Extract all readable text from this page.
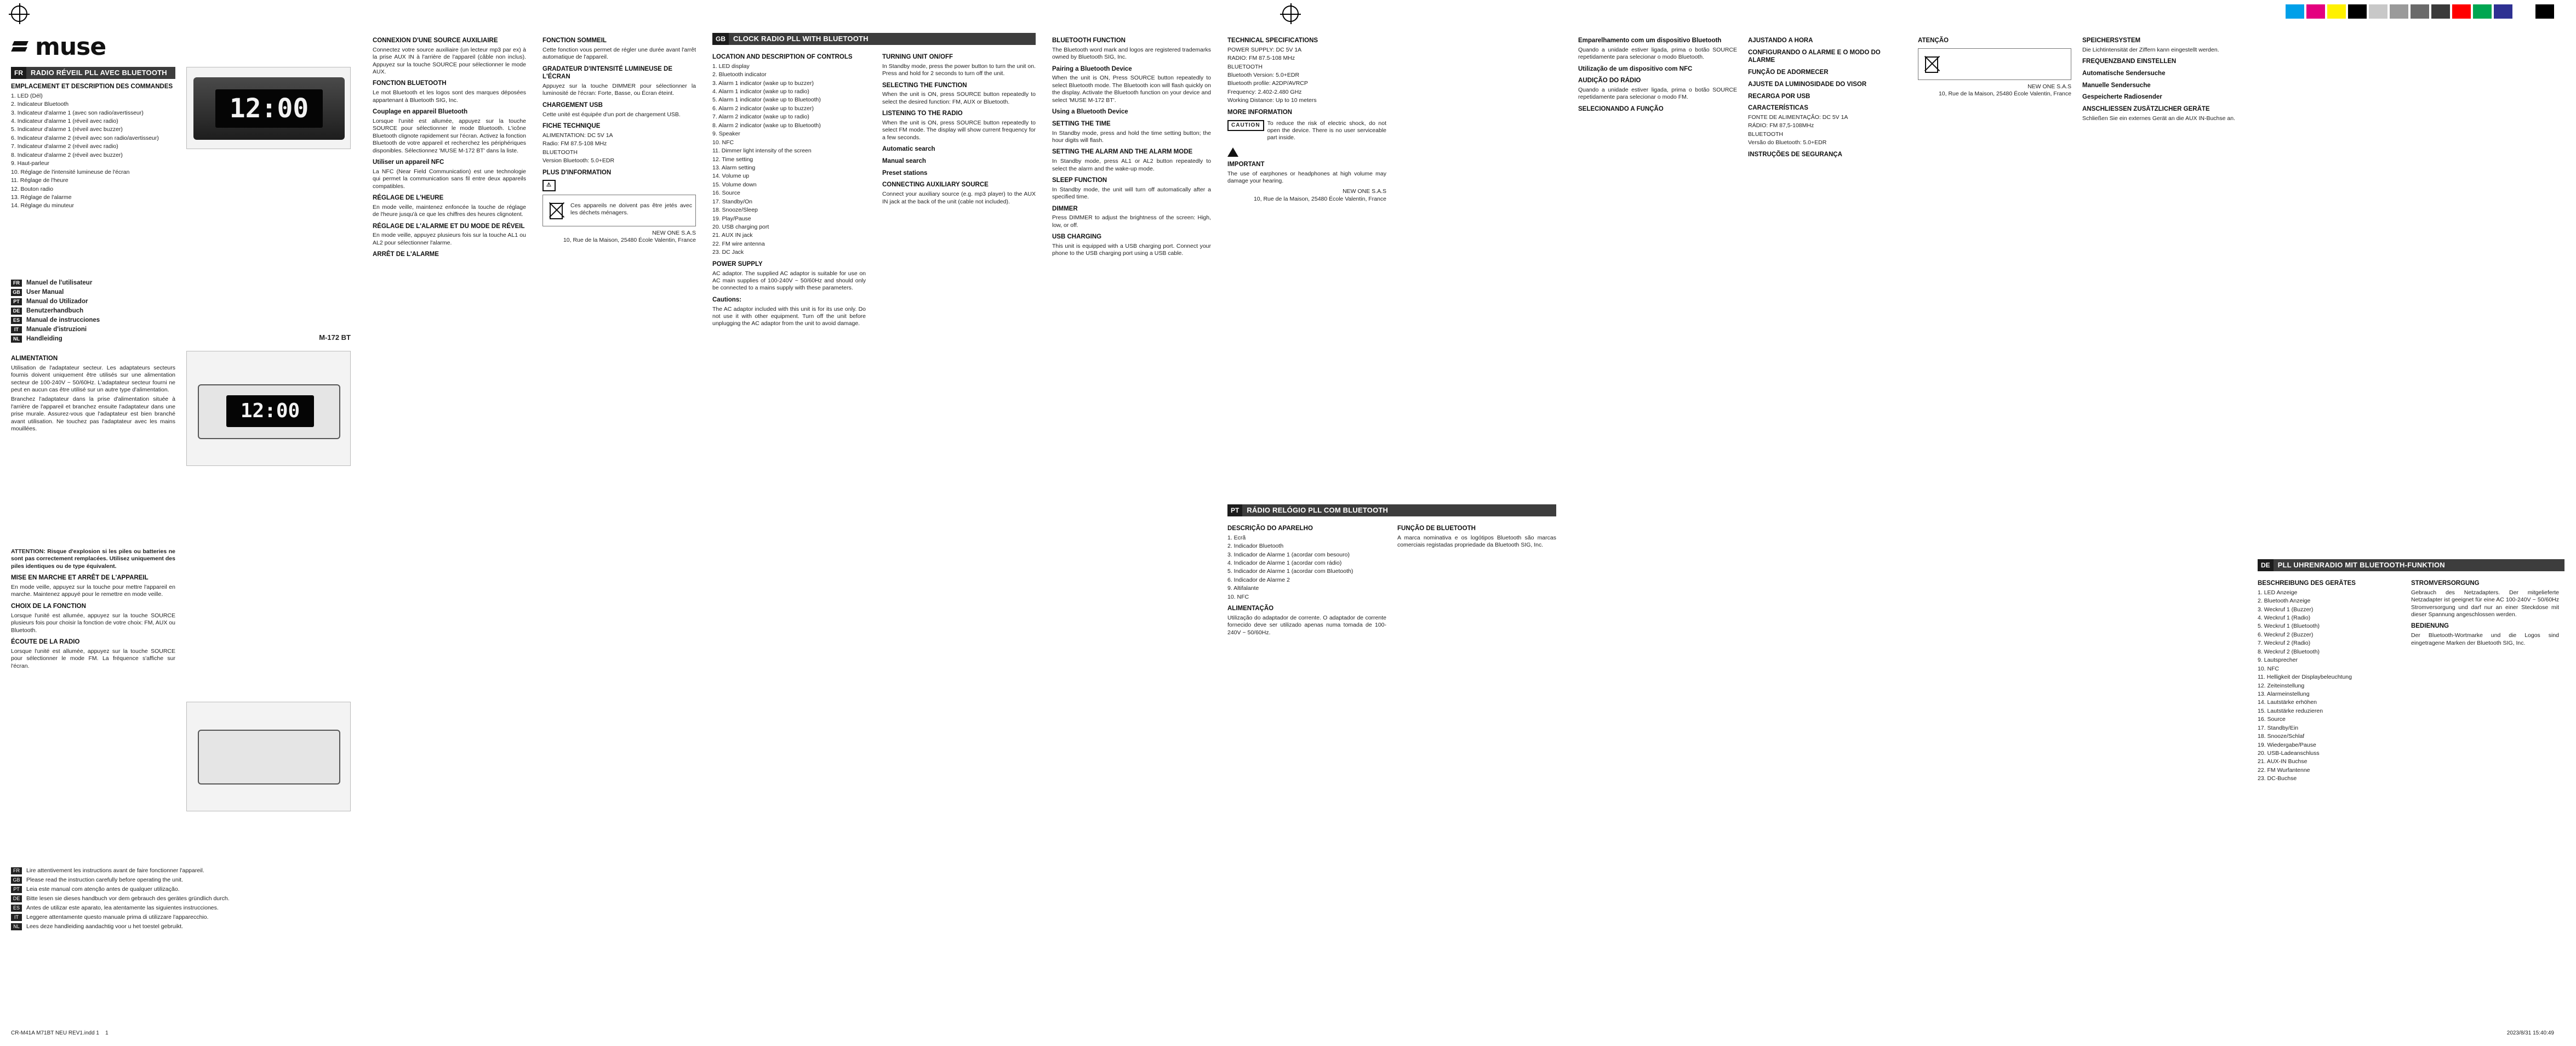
muse
FR	RADIO RÉVEIL PLL AVEC BLUETOOTH
EMPLACEMENT ET DESCRIPTION DES COMMANDES
1. LED (Dél)
2. Indicateur Bluetooth
3. Indicateur d'alarme 1 (avec son radio/avertisseur)
4. Indicateur d'alarme 1 (réveil avec radio)
5. Indicateur d'alarme 1 (réveil avec buzzer)
6. Indicateur d'alarme 2 (réveil avec son radio/avertisseur)
7. Indicateur d'alarme 2 (réveil avec radio)
8. Indicateur d'alarme 2 (réveil avec buzzer)
9. Haut-parleur
10. Réglage de l'intensité lumineuse de l'écran
11. Réglage de l'heure
12. Bouton radio
13. Réglage de l'alarme
14. Réglage du minuteur
12:00
FR	Manuel de l'utilisateur
GB User Manual
PT	Manual do Utilizador
DE	Benutzerhandbuch
ES	Manual de instrucciones
IT	Manuale d'istruzioni
NL	Handleiding	M-172 BT
ALIMENTATION

Utilisation de l'adaptateur secteur. Les adaptateurs secteurs fournis doivent uniquement être utilisés sur une alimentation secteur de 100-240V ~ 50/60Hz. L'adaptateur secteur fourni ne peut en aucun cas être utilisé sur un autre type d'alimentation.

Branchez l'adaptateur dans la prise d'alimentation située à l'arrière de l'appareil et branchez ensuite l'adaptateur dans une prise murale. Assurez-vous que l'adaptateur est bien branché avant utilisation. Ne touchez pas l'adaptateur avec les mains mouillées.

12:00

ATTENTION: Risque d'explosion si les piles ou batteries ne sont pas correctement remplacées. Utilisez uniquement des piles identiques ou de type équivalent.

MISE EN MARCHE ET ARRÊT DE L'APPAREIL

En mode veille, appuyez sur la touche pour mettre l'appareil en marche. Maintenez appuyé pour le remettre en mode veille.

CHOIX DE LA FONCTION

Lorsque l'unité est allumée, appuyez sur la touche SOURCE plusieurs fois pour choisir la fonction de votre choix: FM, AUX ou Bluetooth.

ÉCOUTE DE LA RADIO

Lorsque l'unité est allumée, appuyez sur la touche SOURCE pour sélectionner le mode FM. La fréquence s'affiche sur l'écran.

FR	Lire attentivement les instructions avant de faire fonctionner l'appareil.
GB	Please read the instruction carefully before operating the unit.
PT	Leia este manual com atenção antes de qualquer utilização.
DE	Bitte lesen sie dieses handbuch vor dem gebrauch des gerätes gründlich durch.
ES	Antes de utilizar este aparato, lea atentamente las siguientes instrucciones.
IT	Leggere attentamente questo manuale prima di utilizzare l'apparecchio.
NL	Lees deze handleiding aandachtig voor u het toestel gebruikt.
CONNEXION D'UNE SOURCE AUXILIAIRE

Connectez votre source auxiliaire (un lecteur mp3 par ex) à la prise AUX IN à l'arrière de l'appareil (câble non inclus). Appuyez sur la touche SOURCE pour sélectionner le mode AUX.

FONCTION BLUETOOTH

Le mot Bluetooth et les logos sont des marques déposées appartenant à Bluetooth SIG, Inc.

Couplage en appareil Bluetooth

Lorsque l'unité est allumée, appuyez sur la touche SOURCE pour sélectionner le mode Bluetooth. L'icône Bluetooth clignote rapidement sur l'écran. Activez la fonction Bluetooth de votre appareil et recherchez les périphériques disponibles. Sélectionnez 'MUSE M-172 BT' dans la liste.

Utiliser un appareil NFC

La NFC (Near Field Communication) est une technologie qui permet la communication sans fil entre deux appareils compatibles.

RÉGLAGE DE L'HEURE

En mode veille, maintenez enfoncée la touche de réglage de l'heure jusqu'à ce que les chiffres des heures clignotent.

RÉGLAGE DE L'ALARME ET DU MODE DE RÉVEIL

En mode veille, appuyez plusieurs fois sur la touche AL1 ou AL2 pour sélectionner l'alarme.

ARRÊT DE L'ALARME
FONCTION SOMMEIL

Cette fonction vous permet de régler une durée avant l'arrêt automatique de l'appareil.

GRADATEUR D'INTENSITÉ LUMINEUSE DE L'ÉCRAN

Appuyez sur la touche DIMMER pour sélectionner la luminosité de l'écran: Forte, Basse, ou Écran éteint.

CHARGEMENT USB

Cette unité est équipée d'un port de chargement USB.

FICHE TECHNIQUE
ALIMENTATION: DC 5V 1A
Radio: FM 87.5-108 MHz
BLUETOOTH
Version Bluetooth: 5.0+EDR
PLUS D'INFORMATION
⚠

Ces appareils ne doivent pas être jetés avec les déchets ménagers.

NEW ONE S.A.S
10, Rue de la Maison, 25480 École Valentin, France
GB	CLOCK RADIO PLL WITH BLUETOOTH
LOCATION AND DESCRIPTION OF CONTROLS
1. LED display
2. Bluetooth indicator
3. Alarm 1 indicator (wake up to buzzer)
4. Alarm 1 indicator (wake up to radio)
5. Alarm 1 indicator (wake up to Bluetooth)
6. Alarm 2 indicator (wake up to buzzer)
7. Alarm 2 indicator (wake up to radio)
8. Alarm 2 indicator (wake up to Bluetooth)
9. Speaker
10. NFC
11. Dimmer light intensity of the screen
12. Time setting
13. Alarm setting
14. Volume up
15. Volume down
16. Source
17. Standby/On
18. Snooze/Sleep
19. Play/Pause
20. USB charging port
21. AUX IN jack
22. FM wire antenna
23. DC Jack
POWER SUPPLY

AC adaptor. The supplied AC adaptor is suitable for use on AC main supplies of 100-240V ~ 50/60Hz and should only be connected to a mains supply with these parameters.

Cautions:

The AC adaptor included with this unit is for its use only. Do not use it with other equipment. Turn off the unit before unplugging the AC adaptor from the unit to avoid damage.

TURNING UNIT ON/OFF

In Standby mode, press the power button to turn the unit on. Press and hold for 2 seconds to turn off the unit.

SELECTING THE FUNCTION

When the unit is ON, press SOURCE button repeatedly to select the desired function: FM, AUX or Bluetooth.

LISTENING TO THE RADIO

When the unit is ON, press SOURCE button repeatedly to select FM mode. The display will show current frequency for a few seconds.

Automatic search
Manual search
Preset stations
CONNECTING AUXILIARY SOURCE

Connect your auxiliary source (e.g. mp3 player) to the AUX IN jack at the back of the unit (cable not included).

BLUETOOTH FUNCTION

The Bluetooth word mark and logos are registered trademarks owned by Bluetooth SIG, Inc.

Pairing a Bluetooth Device

When the unit is ON, Press SOURCE button repeatedly to select Bluetooth mode. The Bluetooth icon will flash quickly on the display. Activate the Bluetooth function on your device and select 'MUSE M-172 BT'.

Using a Bluetooth Device
SETTING THE TIME

In Standby mode, press and hold the time setting button; the hour digits will flash.

SETTING THE ALARM AND THE ALARM MODE

In Standby mode, press AL1 or AL2 button repeatedly to select the alarm and the wake-up mode.

SLEEP FUNCTION

In Standby mode, the unit will turn off automatically after a specified time.

DIMMER

Press DIMMER to adjust the brightness of the screen: High, low, or off.

USB CHARGING

This unit is equipped with a USB charging port. Connect your phone to the USB charging port using a USB cable.

TECHNICAL SPECIFICATIONS
POWER SUPPLY: DC 5V 1A
RADIO: FM 87.5-108 MHz
BLUETOOTH
Bluetooth Version: 5.0+EDR
Bluetooth profile: A2DP/AVRCP
Frequency: 2.402-2.480 GHz
Working Distance: Up to 10 meters
MORE INFORMATION
CAUTION	To reduce the risk of electric shock, do not open the device. There is no user serviceable part inside.

IMPORTANT

The use of earphones or headphones at high volume may damage your hearing.

NEW ONE S.A.S
10, Rue de la Maison, 25480 École Valentin, France
PT	RÁDIO RELÓGIO PLL COM BLUETOOTH
DESCRIÇÃO DO APARELHO
1. Ecrã
2. Indicador Bluetooth
3. Indicador de Alarme 1 (acordar com besouro)
4. Indicador de Alarme 1 (acordar com rádio)
5. Indicador de Alarme 1 (acordar com Bluetooth)
6. Indicador de Alarme 2
9. Altifalante
10. NFC
ALIMENTAÇÃO

Utilização do adaptador de corrente. O adaptador de corrente fornecido deve ser utilizado apenas numa tomada de 100-240V ~ 50/60Hz.

FUNÇÃO DE BLUETOOTH

A marca nominativa e os logótipos Bluetooth são marcas comerciais registadas propriedade da Bluetooth SIG, Inc.

Emparelhamento com um dispositivo Bluetooth

Quando a unidade estiver ligada, prima o botão SOURCE repetidamente para selecionar o modo Bluetooth.

Utilização de um dispositivo com NFC
AUDIÇÃO DO RÁDIO

Quando a unidade estiver ligada, prima o botão SOURCE repetidamente para selecionar o modo FM.

SELECIONANDO A FUNÇÃO
AJUSTANDO A HORA
CONFIGURANDO O ALARME E O MODO DO ALARME
FUNÇÃO DE ADORMECER
AJUSTE DA LUMINOSIDADE DO VISOR
RECARGA POR USB
CARACTERÍSTICAS
FONTE DE ALIMENTAÇÃO: DC 5V 1A
RÁDIO: FM 87,5-108MHz
BLUETOOTH
Versão do Bluetooth: 5.0+EDR
INSTRUÇÕES DE SEGURANÇA
ATENÇÃO
NEW ONE S.A.S
10, Rue de la Maison, 25480 École Valentin, France
SPEICHERSYSTEM

Die Lichtintensität der Ziffern kann eingestellt werden.

FREQUENZBAND EINSTELLEN
Automatische Sendersuche
Manuelle Sendersuche
Gespeicherte Radiosender
ANSCHLIESSEN ZUSÄTZLICHER GERÄTE

Schließen Sie ein externes Gerät an die AUX IN-Buchse an.

DE	PLL UHRENRADIO MIT BLUETOOTH-FUNKTION
BESCHREIBUNG DES GERÄTES
1. LED Anzeige
2. Bluetooth Anzeige
3. Weckruf 1 (Buzzer)
4. Weckruf 1 (Radio)
5. Weckruf 1 (Bluetooth)
6. Weckruf 2 (Buzzer)
7. Weckruf 2 (Radio)
8. Weckruf 2 (Bluetooth)
9. Lautsprecher
10. NFC
11. Helligkeit der Displaybeleuchtung
12. Zeiteinstellung
13. Alarmeinstellung
14. Lautstärke erhöhen
15. Lautstärke reduzieren
16. Source
17. Standby/Ein
18. Snooze/Schlaf
19. Wiedergabe/Pause
20. USB-Ladeanschluss
21. AUX-IN Buchse
22. FM Wurfantenne
23. DC-Buchse
STROMVERSORGUNG

Gebrauch des Netzadapters. Der mitgelieferte Netzadapter ist geeignet für eine AC 100-240V ~ 50/60Hz Stromversorgung und darf nur an einer Steckdose mit dieser Spannung angeschlossen werden.

BEDIENUNG

Der Bluetooth-Wortmarke und die Logos sind eingetragene Marken der Bluetooth SIG, Inc.

CR-M41A M71BT NEU REV1.indd 1 1	2023/8/31 15:40:49
